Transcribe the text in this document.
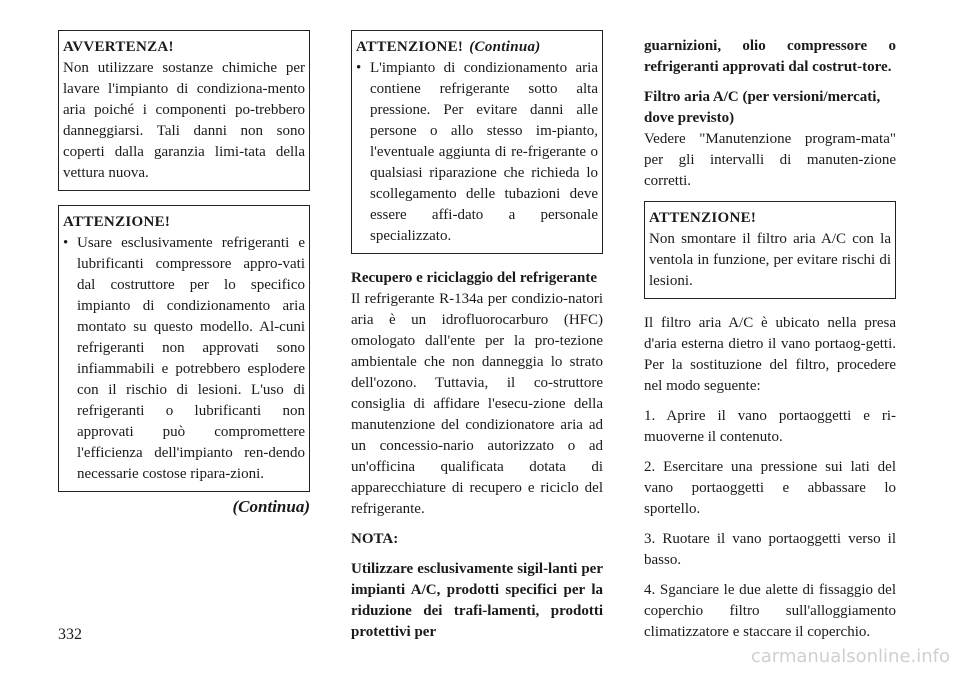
AVVERTENZA!

Non utilizzare sostanze chimiche per lavare l'impianto di condiziona-mento aria poiché i componenti po-trebbero danneggiarsi. Tali danni non sono coperti dalla garanzia limi-tata della vettura nuova.

ATTENZIONE!
• Usare esclusivamente refrigeranti e lubrificanti compressore appro-vati dal costruttore per lo specifico impianto di condizionamento aria montato su questo modello. Al-cuni refrigeranti non approvati sono infiammabili e potrebbero esplodere con il rischio di lesioni. L'uso di refrigeranti o lubrificanti non approvati può compromettere l'efficienza dell'impianto ren-dendo necessarie costose ripara-zioni.
(Continua)
ATTENZIONE! (Continua)
• L'impianto di condizionamento aria contiene refrigerante sotto alta pressione. Per evitare danni alle persone o allo stesso im-pianto, l'eventuale aggiunta di re-frigerante o qualsiasi riparazione che richieda lo scollegamento delle tubazioni deve essere affi-dato a personale specializzato.
Recupero e riciclaggio del refrigerante

Il refrigerante R-134a per condizio-natori aria è un idrofluorocarburo (HFC) omologato dall'ente per la pro-tezione ambientale che non danneggia lo strato dell'ozono. Tuttavia, il co-struttore consiglia di affidare l'esecu-zione della manutenzione del condizionatore aria ad un concessio-nario autorizzato o ad un'officina qualificata dotata di apparecchiature di recupero e riciclo del refrigerante.

NOTA:

Utilizzare esclusivamente sigil-lanti per impianti A/C, prodotti specifici per la riduzione dei trafi-lamenti, prodotti protettivi per

guarnizioni, olio compressore o refrigeranti approvati dal costrut-tore.

Filtro aria A/C (per versioni/mercati, dove previsto)

Vedere "Manutenzione program-mata" per gli intervalli di manuten-zione corretti.

ATTENZIONE!

Non smontare il filtro aria A/C con la ventola in funzione, per evitare rischi di lesioni.

Il filtro aria A/C è ubicato nella presa d'aria esterna dietro il vano portaog-getti. Per la sostituzione del filtro, procedere nel modo seguente:

1. Aprire il vano portaoggetti e ri-muoverne il contenuto.

2. Esercitare una pressione sui lati del vano portaoggetti e abbassare lo sportello.

3. Ruotare il vano portaoggetti verso il basso.

4. Sganciare le due alette di fissaggio del coperchio filtro sull'alloggiamento climatizzatore e staccare il coperchio.

332
carmanualsonline.info
